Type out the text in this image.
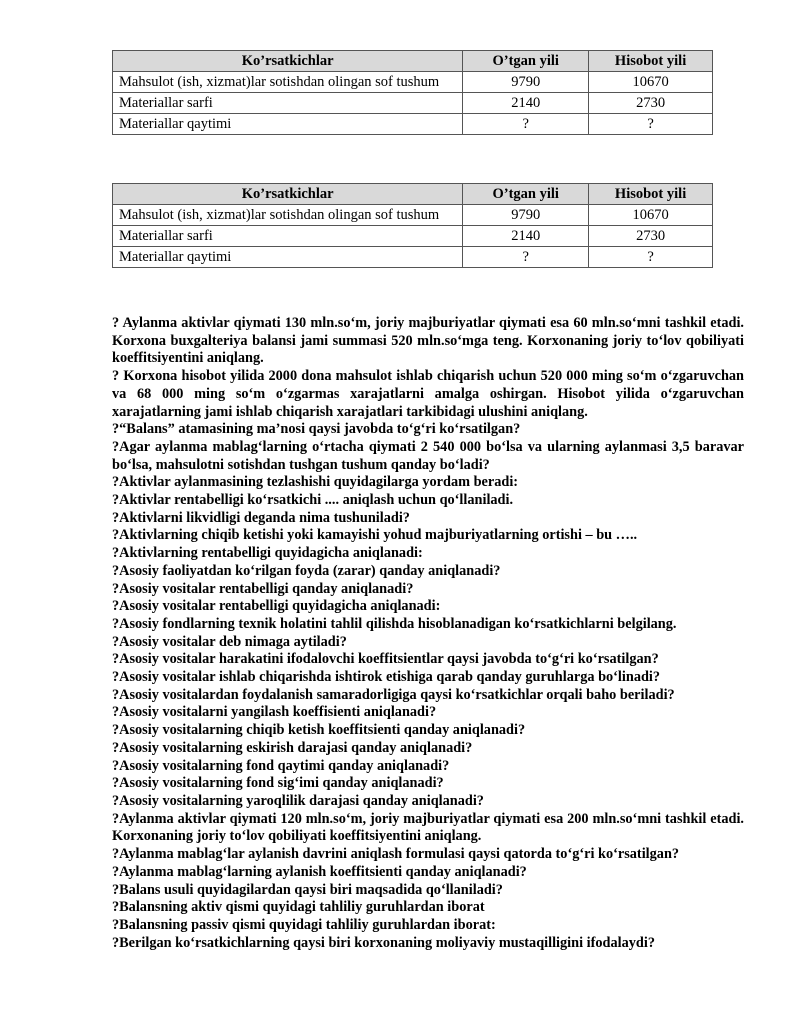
Ko’rsatkichlar	O’tgan yili	Hisobot yili
Mahsulot (ish, xizmat)lar sotishdan olingan sof tushum	9790	10670
Materiallar sarfi	2140	2730
Materiallar qaytimi	?	?
Ko’rsatkichlar	O’tgan yili	Hisobot yili
Mahsulot (ish, xizmat)lar sotishdan olingan sof tushum	9790	10670
Materiallar sarfi	2140	2730
Materiallar qaytimi	?	?

? Aylanma aktivlar qiymati 130 mln.so‘m, joriy majburiyatlar qiymati esa 60 mln.so‘mni tashkil etadi. Korxona buxgalteriya balansi jami summasi 520 mln.so‘mga teng. Korxonaning joriy to‘lov qobiliyati koeffitsiyentini aniqlang.

? Korxona hisobot yilida 2000 dona mahsulot ishlab chiqarish uchun 520 000 ming so‘m o‘zgaruvchan va 68 000 ming so‘m o‘zgarmas xarajatlarni amalga oshirgan. Hisobot yilida o‘zgaruvchan xarajatlarning jami ishlab chiqarish xarajatlari tarkibidagi ulushini aniqlang.

?“Balans” atamasining ma’nosi qaysi javobda to‘g‘ri ko‘rsatilgan?

?Agar aylanma mablag‘larning o‘rtacha qiymati 2 540 000 bo‘lsa va ularning aylanmasi 3,5 baravar bo‘lsa, mahsulotni sotishdan tushgan tushum qanday bo‘ladi?

?Aktivlar aylanmasining tezlashishi quyidagilarga yordam beradi:

?Aktivlar rentabelligi ko‘rsatkichi .... aniqlash uchun qo‘llaniladi.

?Aktivlarni likvidligi deganda nima tushuniladi?

?Aktivlarning chiqib ketishi yoki kamayishi yohud majburiyatlarning ortishi – bu …..

?Aktivlarning rentabelligi quyidagicha aniqlanadi:

?Asosiy faoliyatdan ko‘rilgan foyda (zarar) qanday aniqlanadi?

?Asosiy vositalar rentabelligi qanday aniqlanadi?

?Asosiy vositalar rentabelligi quyidagicha aniqlanadi:

?Asosiy fondlarning texnik holatini tahlil qilishda hisoblanadigan ko‘rsatkichlarni belgilang.

?Asosiy vositalar deb nimaga aytiladi?

?Asosiy vositalar harakatini ifodalovchi koeffitsientlar qaysi javobda to‘g‘ri ko‘rsatilgan?

?Asosiy vositalar ishlab chiqarishda ishtirok etishiga qarab qanday guruhlarga bo‘linadi?

?Asosiy vositalardan foydalanish samaradorligiga qaysi ko‘rsatkichlar orqali baho beriladi?

?Asosiy vositalarni yangilash koeffisienti aniqlanadi?

?Asosiy vositalarning chiqib ketish koeffitsienti qanday aniqlanadi?

?Asosiy vositalarning eskirish darajasi qanday aniqlanadi?

?Asosiy vositalarning fond qaytimi qanday aniqlanadi?

?Asosiy vositalarning fond sig‘imi qanday aniqlanadi?

?Asosiy vositalarning yaroqlilik darajasi qanday aniqlanadi?

?Aylanma aktivlar qiymati 120 mln.so‘m, joriy majburiyatlar qiymati esa 200 mln.so‘mni tashkil etadi. Korxonaning joriy to‘lov qobiliyati koeffitsiyentini aniqlang.

?Aylanma mablag‘lar aylanish davrini aniqlash formulasi qaysi qatorda to‘g‘ri ko‘rsatilgan?

?Aylanma mablag‘larning aylanish koeffitsienti qanday aniqlanadi?

?Balans usuli quyidagilardan qaysi biri maqsadida qo‘llaniladi?

?Balansning aktiv qismi quyidagi tahliliy guruhlardan iborat

?Balansning passiv qismi quyidagi tahliliy guruhlardan iborat:

?Berilgan ko‘rsatkichlarning qaysi biri korxonaning moliyaviy mustaqilligini ifodalaydi?
